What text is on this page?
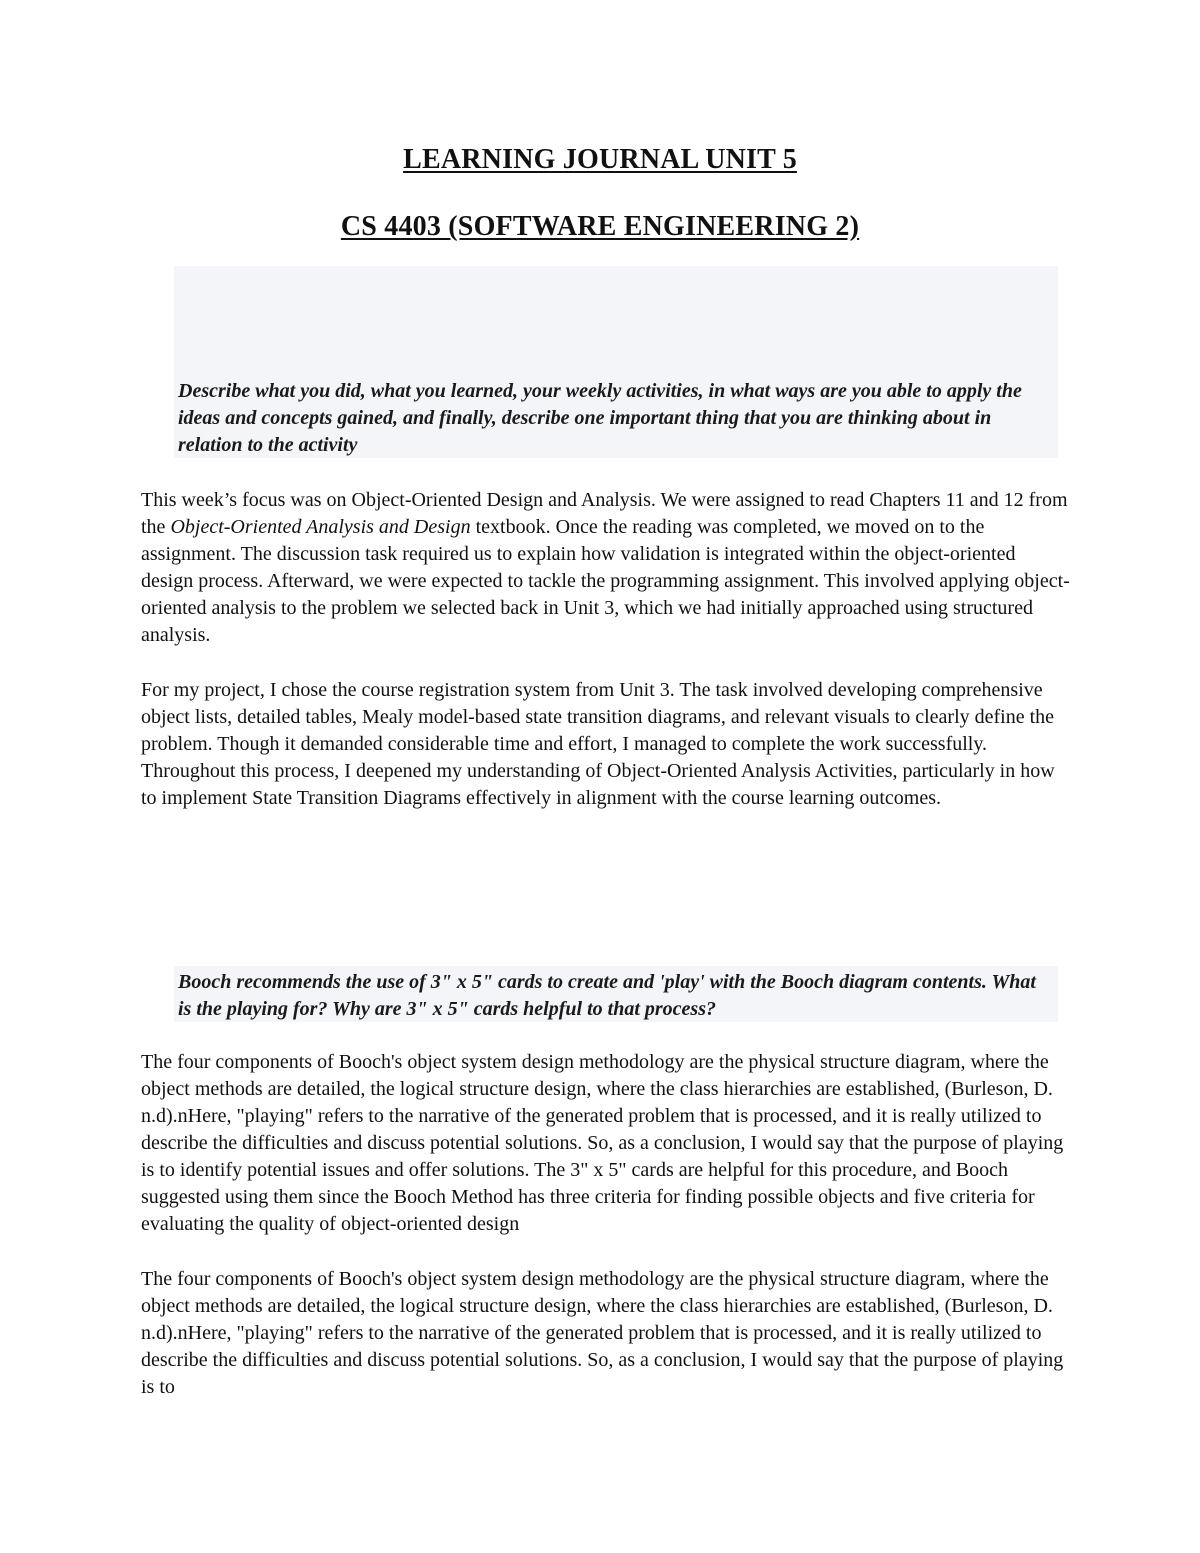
LEARNING JOURNAL UNIT 5
CS 4403 (SOFTWARE ENGINEERING 2)
Describe what you did, what you learned, your weekly activities, in what ways are you able to apply the ideas and concepts gained, and finally, describe one important thing that you are thinking about in relation to the activity
This week’s focus was on Object-Oriented Design and Analysis. We were assigned to read Chapters 11 and 12 from the Object-Oriented Analysis and Design textbook. Once the reading was completed, we moved on to the assignment. The discussion task required us to explain how validation is integrated within the object-oriented design process. Afterward, we were expected to tackle the programming assignment. This involved applying object-oriented analysis to the problem we selected back in Unit 3, which we had initially approached using structured analysis.
For my project, I chose the course registration system from Unit 3. The task involved developing comprehensive object lists, detailed tables, Mealy model-based state transition diagrams, and relevant visuals to clearly define the problem. Though it demanded considerable time and effort, I managed to complete the work successfully. Throughout this process, I deepened my understanding of Object-Oriented Analysis Activities, particularly in how to implement State Transition Diagrams effectively in alignment with the course learning outcomes.
Booch recommends the use of 3" x 5" cards to create and 'play' with the Booch diagram contents. What is the playing for? Why are 3" x 5" cards helpful to that process?
The four components of Booch's object system design methodology are the physical structure diagram, where the object methods are detailed, the logical structure design, where the class hierarchies are established, (Burleson, D. n.d).nHere, "playing" refers to the narrative of the generated problem that is processed, and it is really utilized to describe the difficulties and discuss potential solutions. So, as a conclusion, I would say that the purpose of playing is to identify potential issues and offer solutions. The 3" x 5" cards are helpful for this procedure, and Booch suggested using them since the Booch Method has three criteria for finding possible objects and five criteria for evaluating the quality of object-oriented design
The four components of Booch's object system design methodology are the physical structure diagram, where the object methods are detailed, the logical structure design, where the class hierarchies are established, (Burleson, D. n.d).nHere, "playing" refers to the narrative of the generated problem that is processed, and it is really utilized to describe the difficulties and discuss potential solutions. So, as a conclusion, I would say that the purpose of playing is to
